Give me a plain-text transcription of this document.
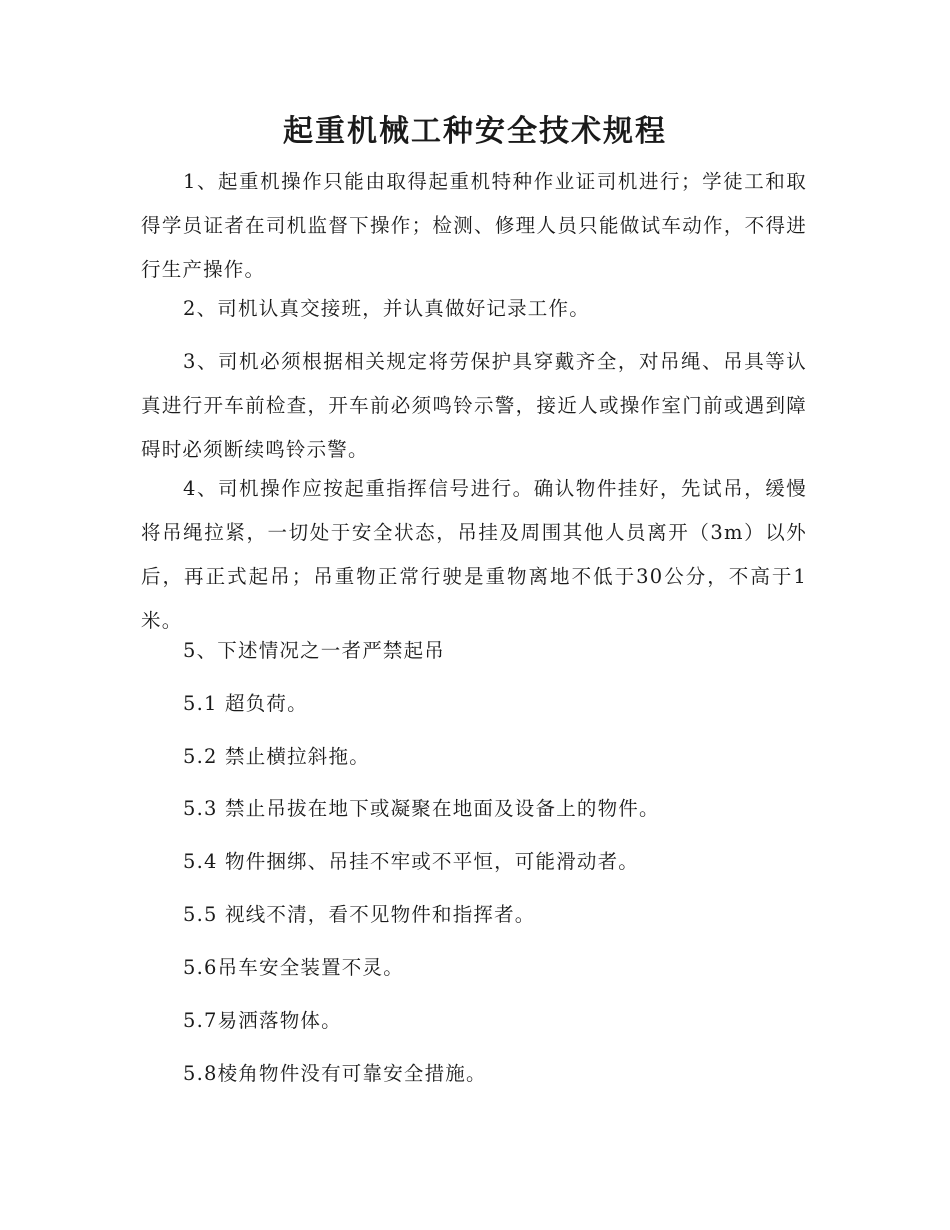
起重机械工种安全技术规程

1、起重机操作只能由取得起重机特种作业证司机进行；学徒工和取得学员证者在司机监督下操作；检测、修理人员只能做试车动作，不得进行生产操作。

2、司机认真交接班，并认真做好记录工作。

3、司机必须根据相关规定将劳保护具穿戴齐全，对吊绳、吊具等认真进行开车前检查，开车前必须鸣铃示警，接近人或操作室门前或遇到障碍时必须断续鸣铃示警。

4、司机操作应按起重指挥信号进行。确认物件挂好，先试吊，缓慢将吊绳拉紧，一切处于安全状态，吊挂及周围其他人员离开（3m）以外后，再正式起吊；吊重物正常行驶是重物离地不低于30公分，不高于1米。

5、下述情况之一者严禁起吊

5.1 超负荷。

5.2 禁止横拉斜拖。

5.3 禁止吊拔在地下或凝聚在地面及设备上的物件。

5.4 物件捆绑、吊挂不牢或不平恒，可能滑动者。

5.5 视线不清，看不见物件和指挥者。

5.6吊车安全装置不灵。

5.7易洒落物体。

5.8棱角物件没有可靠安全措施。
